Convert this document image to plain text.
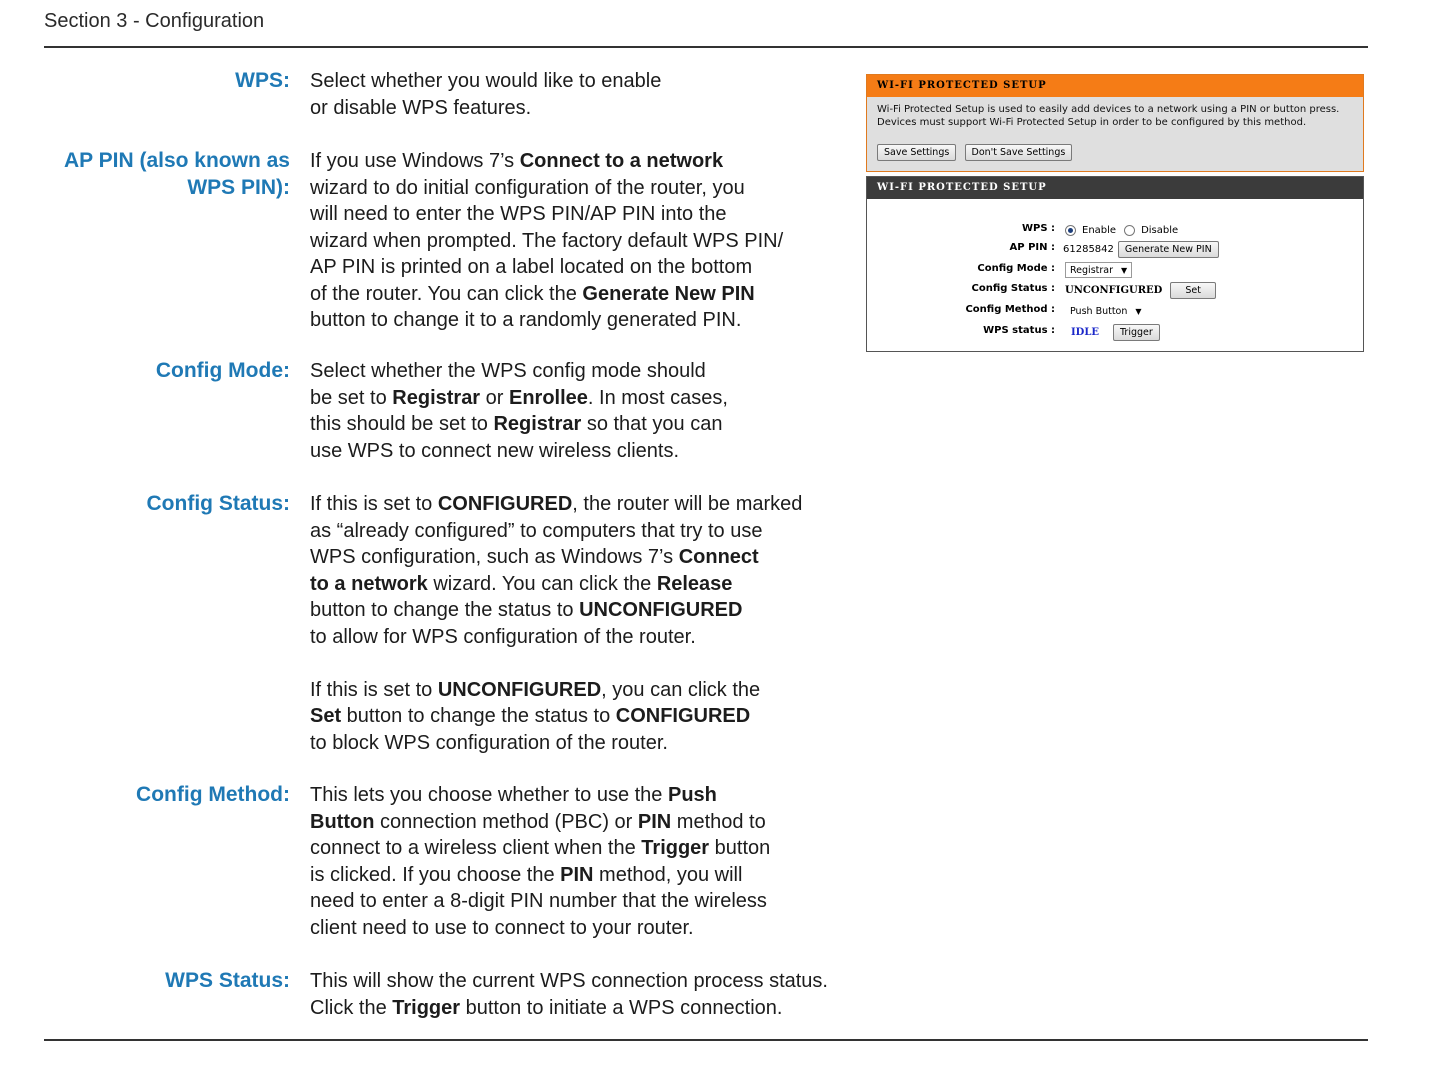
Section 3 - Configuration
WPS: Select whether you would like to enable
or disable WPS features.

AP PIN (also known as
WPS PIN):

If you use Windows 7’s Connect to a network
wizard to do initial configuration of the router, you
will need to enter the WPS PIN/AP PIN into the
wizard when prompted. The factory default WPS PIN/
AP PIN is printed on a label located on the bottom
of the router. You can click the Generate New PIN
button to change it to a randomly generated PIN.

Config Mode: Select whether the WPS config mode should
be set to Registrar or Enrollee. In most cases,
this should be set to Registrar so that you can
use WPS to connect new wireless clients.

Config Status: If this is set to CONFIGURED, the router will be marked
as “already configured” to computers that try to use
WPS configuration, such as Windows 7’s Connect
to a network wizard. You can click the Release
button to change the status to UNCONFIGURED
to allow for WPS configuration of the router.

If this is set to UNCONFIGURED, you can click the
Set button to change the status to CONFIGURED
to block WPS configuration of the router.

Config Method: This lets you choose whether to use the Push
Button connection method (PBC) or PIN method to
connect to a wireless client when the Trigger button
is clicked. If you choose the PIN method, you will
need to enter a 8-digit PIN number that the wireless
client need to use to connect to your router.

WPS Status: This will show the current WPS connection process status.
Click the Trigger button to initiate a WPS connection.

WI-FI PROTECTED SETUP
Wi-Fi Protected Setup is used to easily add devices to a network using a PIN or button press.
Devices must support Wi-Fi Protected Setup in order to be configured by this method.
Save Settings Don't Save Settings
WI-FI PROTECTED SETUP
WPS :	Enable	Disable
AP PIN : 61285842	Generate New PIN
Config Mode : Registrar ▼
Config Status : UNCONFIGURED	Set
Config Method : Push Button ▼
WPS status : IDLE	Trigger
